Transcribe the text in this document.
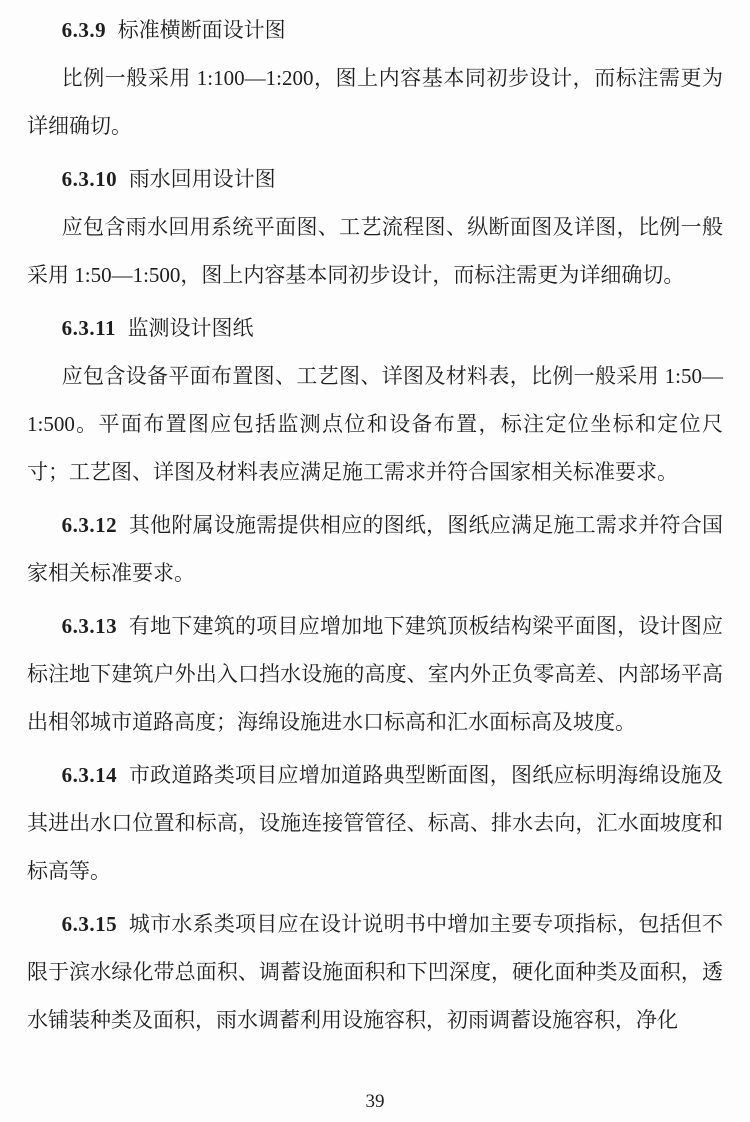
6.3.9 标准横断面设计图

比例一般采用 1:100—1:200，图上内容基本同初步设计，而标注需更为详细确切。

6.3.10 雨水回用设计图

应包含雨水回用系统平面图、工艺流程图、纵断面图及详图，比例一般采用 1:50—1:500，图上内容基本同初步设计，而标注需更为详细确切。

6.3.11 监测设计图纸

应包含设备平面布置图、工艺图、详图及材料表，比例一般采用 1:50—1:500。平面布置图应包括监测点位和设备布置，标注定位坐标和定位尺寸；工艺图、详图及材料表应满足施工需求并符合国家相关标准要求。

6.3.12 其他附属设施需提供相应的图纸，图纸应满足施工需求并符合国家相关标准要求。

6.3.13 有地下建筑的项目应增加地下建筑顶板结构梁平面图，设计图应标注地下建筑户外出入口挡水设施的高度、室内外正负零高差、内部场平高出相邻城市道路高度；海绵设施进水口标高和汇水面标高及坡度。

6.3.14 市政道路类项目应增加道路典型断面图，图纸应标明海绵设施及其进出水口位置和标高，设施连接管管径、标高、排水去向，汇水面坡度和标高等。

6.3.15 城市水系类项目应在设计说明书中增加主要专项指标，包括但不限于滨水绿化带总面积、调蓄设施面积和下凹深度，硬化面种类及面积，透水铺装种类及面积，雨水调蓄利用设施容积，初雨调蓄设施容积，净化

39
